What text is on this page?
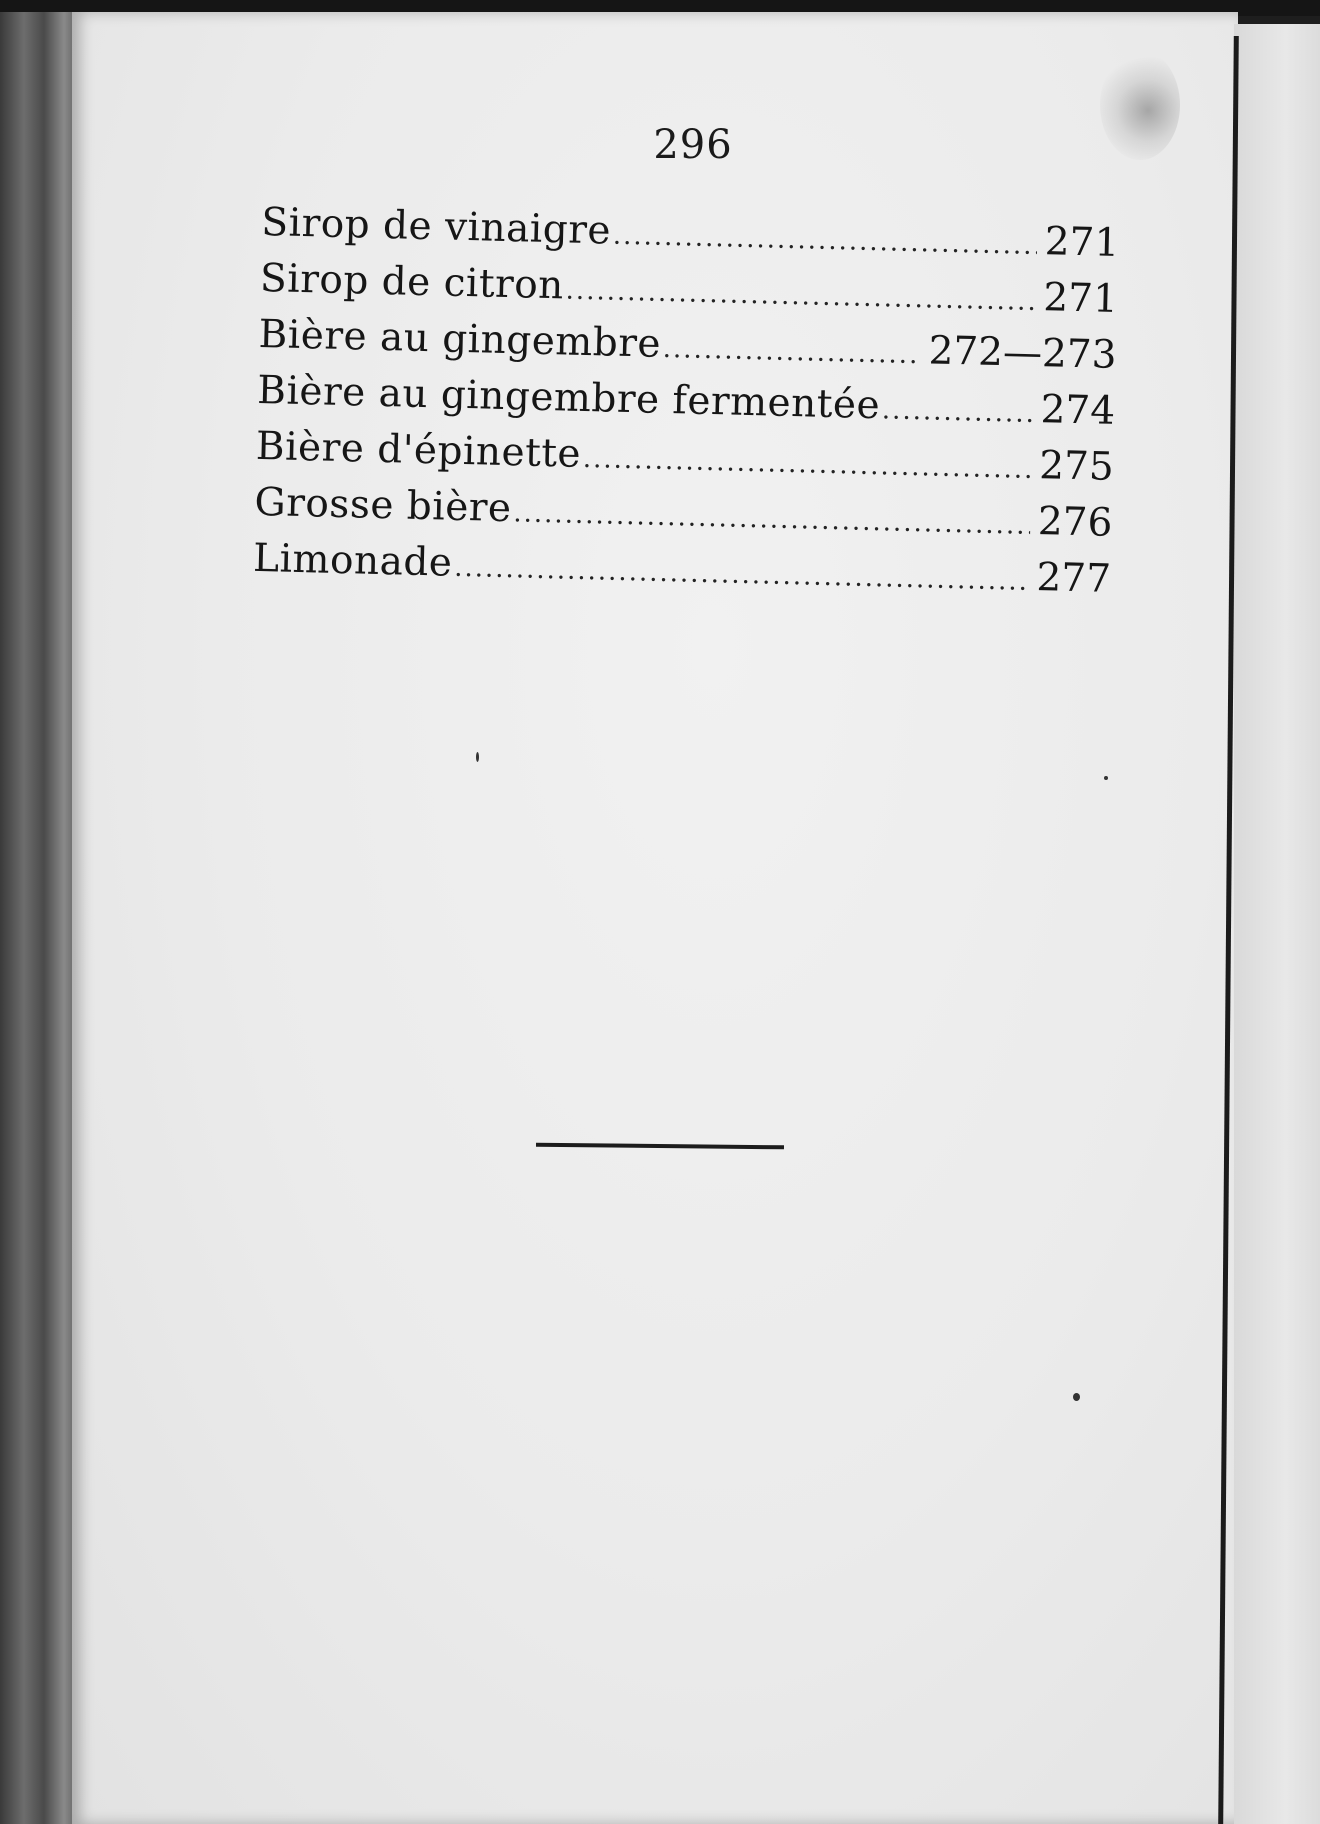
296
Sirop de vinaigre .....	271
Sirop de citron .....	271
Bière au gingembre .....	272—273
Bière au gingembre fermentée .....	274
Bière d'épinette .....	275
Grosse bière .....	276
Limonade .....	277
